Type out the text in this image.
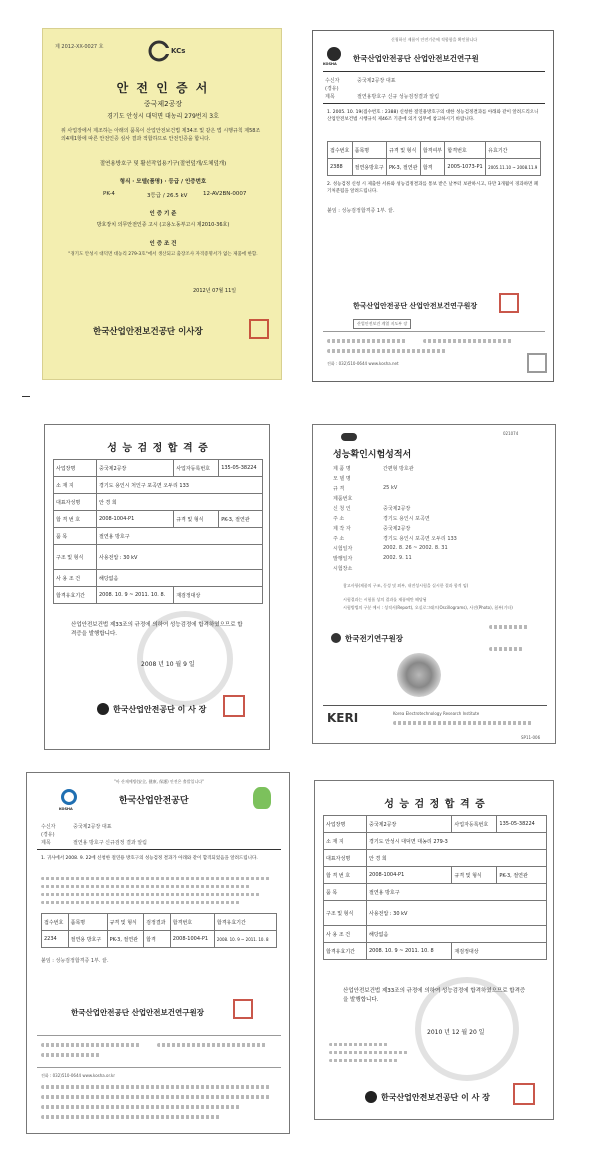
제 2012-XX-0027 호	KCs
안 전 인 증 서
중국제2공장
경기도 안성시 대덕면 대농리 279번지 3호
위 사업장에서 제조하는 아래의 품목이 산업안전보건법 제34조 및 같은 법 시행규칙 제58조의4제1항에 따른 안전인증 심사 결과 적합하므로 안전인증을 합니다.
절연용방호구 및 활선작업용기구(절연덮개/도체덮개)
형식 · 모델(품명) · 등급 / 인증번호
PK-4	3등급 / 26.5 kV	12-AV2BN-0007
인 증 기 준
방호장치 의무안전인증 고시 (고용노동부고시 제2010-36호)
인 증 조 건
"경기도 안성시 대덕면 대농리 279-3호"에서 생산되고 출장조사 자격증명서가 없는 제품에 한함.
2012년 07월 11일
한국산업안전보건공단 이사장
신청하신 제품이 안전기준에 적합함을 확인합니다
KOSHA
한국산업안전공단 산업안전보건연구원
수신자	중국제2공장 대표
(경유)
제목	절연용방호구 신규 성능검정결과 알림
1. 2005. 10. 19(접수번호 : 2388) 신청한 절연용방호구의 대한 성능검정결과를 아래와 같이 알려드리오니 산업안전보건법 시행규칙 제46조 기준에 의거 업무에 참고하시기 바랍니다.
접수번호	품목명	규격 및 형식	합격여부	합격번호	유효기간
2388	절연용방호구	PK-3, 절연관	합격	2005-1073-P1	2005.11.10 ~ 2008.11.9
2. 성능검정 신청 시 제출한 서류와 성능검정결과를 통보 받은 날부터 보관하시고, 다만 3개월이 경과하면 폐기처분됨을 알려드립니다.
붙임 : 성능검정합격증 1부. 끝.
한국산업안전공단 산업안전보건연구원장
산업안전보건 계열 지도부 장
전화 : 032)510-0644 www.kosha.net
성 능 검 정 합 격 증
사업장명	중국제2공장	사업자등록번호	135-05-38224
소 재 지	경기도 용인시 처인구 포곡면 오두리 133		
대표자성명	안 경 희		
합 격 번 호	2008-1004-P1	규격 및 형식	PK-3, 절연관
품 목	절연용 방호구		
구조 및 형식	사용전압 : 30 kV		
사 용 조 건	해당없음		
합격유효기간	2008. 10. 9 ~ 2011. 10. 8.	재검정대상	
산업안전보건법 제33조의 규정에 의하여 성능검정에 합격하였으므로 합격증을 발행합니다.
2008 년 10 월 9 일
한국산업안전공단 이 사 장
021074
성능확인시험성적서
제 품 명	간편형 방호관
모 델 명
규 격	25 kV
제품번호
신 청 인	중국제2공장
주 소	경기도 용인시 포곡면
제 작 자	중국제2공장
주 소	경기도 용인시 포곡면 오두리 133
시험일자	2002. 8. 26 ~ 2002. 8. 31
발행일자	2002. 9. 11
시험장소
참고사항(제품의 구조, 동성 및 외부, 내전성시험을 실시한 결과 합격 임)
시험결과는 시험품 상의 결과를 제품에만 해당됨
시험방법의 구분 예시 : 성적서(Report), 오실로그래프(Oscillograms), 사진(Photo), 첨부(기타)
한국전기연구원장
KERI	Korea Electrotechnology Research Institute
SP11-006
"아 산재예방(安全, 健康, 保護) 안전은 출발입니다"
KOSHA
한국산업안전공단
수신자	중국제2공장 대표
(경유)
제목	절연용 방호구 신규검정 결과 알림
1. 귀사에서 2008. 9. 22에 신청한 절연용 방호구의 성능검정 결과가 아래와 같이 합격되었음을 알려드립니다.
접수번호	품목명	규격 및 형식	검정결과	합격번호	합격유효기간
2234	절연용 방호구	PK-3, 절연관	합격	2008-1004-P1	2008. 10. 9 ~ 2011. 10. 8
붙임 : 성능검정합격증 1부. 끝.
한국산업안전공단 산업안전보건연구원장
전화 : 032)510-0644 www.kosha.or.kr
성 능 검 정 합 격 증
사업장명	중국제2공장	사업자등록번호	135-05-38224
소 재 지	경기도 안성시 대덕면 대농리 279-3		
대표자성명	안 경 희		
합 격 번 호	2008-1004-P1	규격 및 형식	PK-3, 절연관
품 목	절연용 방호구		
구조 및 형식	사용전압 : 30 kV		
사 용 조 건	해당없음		
합격유효기간	2008. 10. 9 ~ 2011. 10. 8	재검정대상	
산업안전보건법 제33조의 규정에 의하여 성능검정에 합격하였으므로 합격증을 발행합니다.
2010 년 12 월 20 일
한국산업안전보건공단 이 사 장
